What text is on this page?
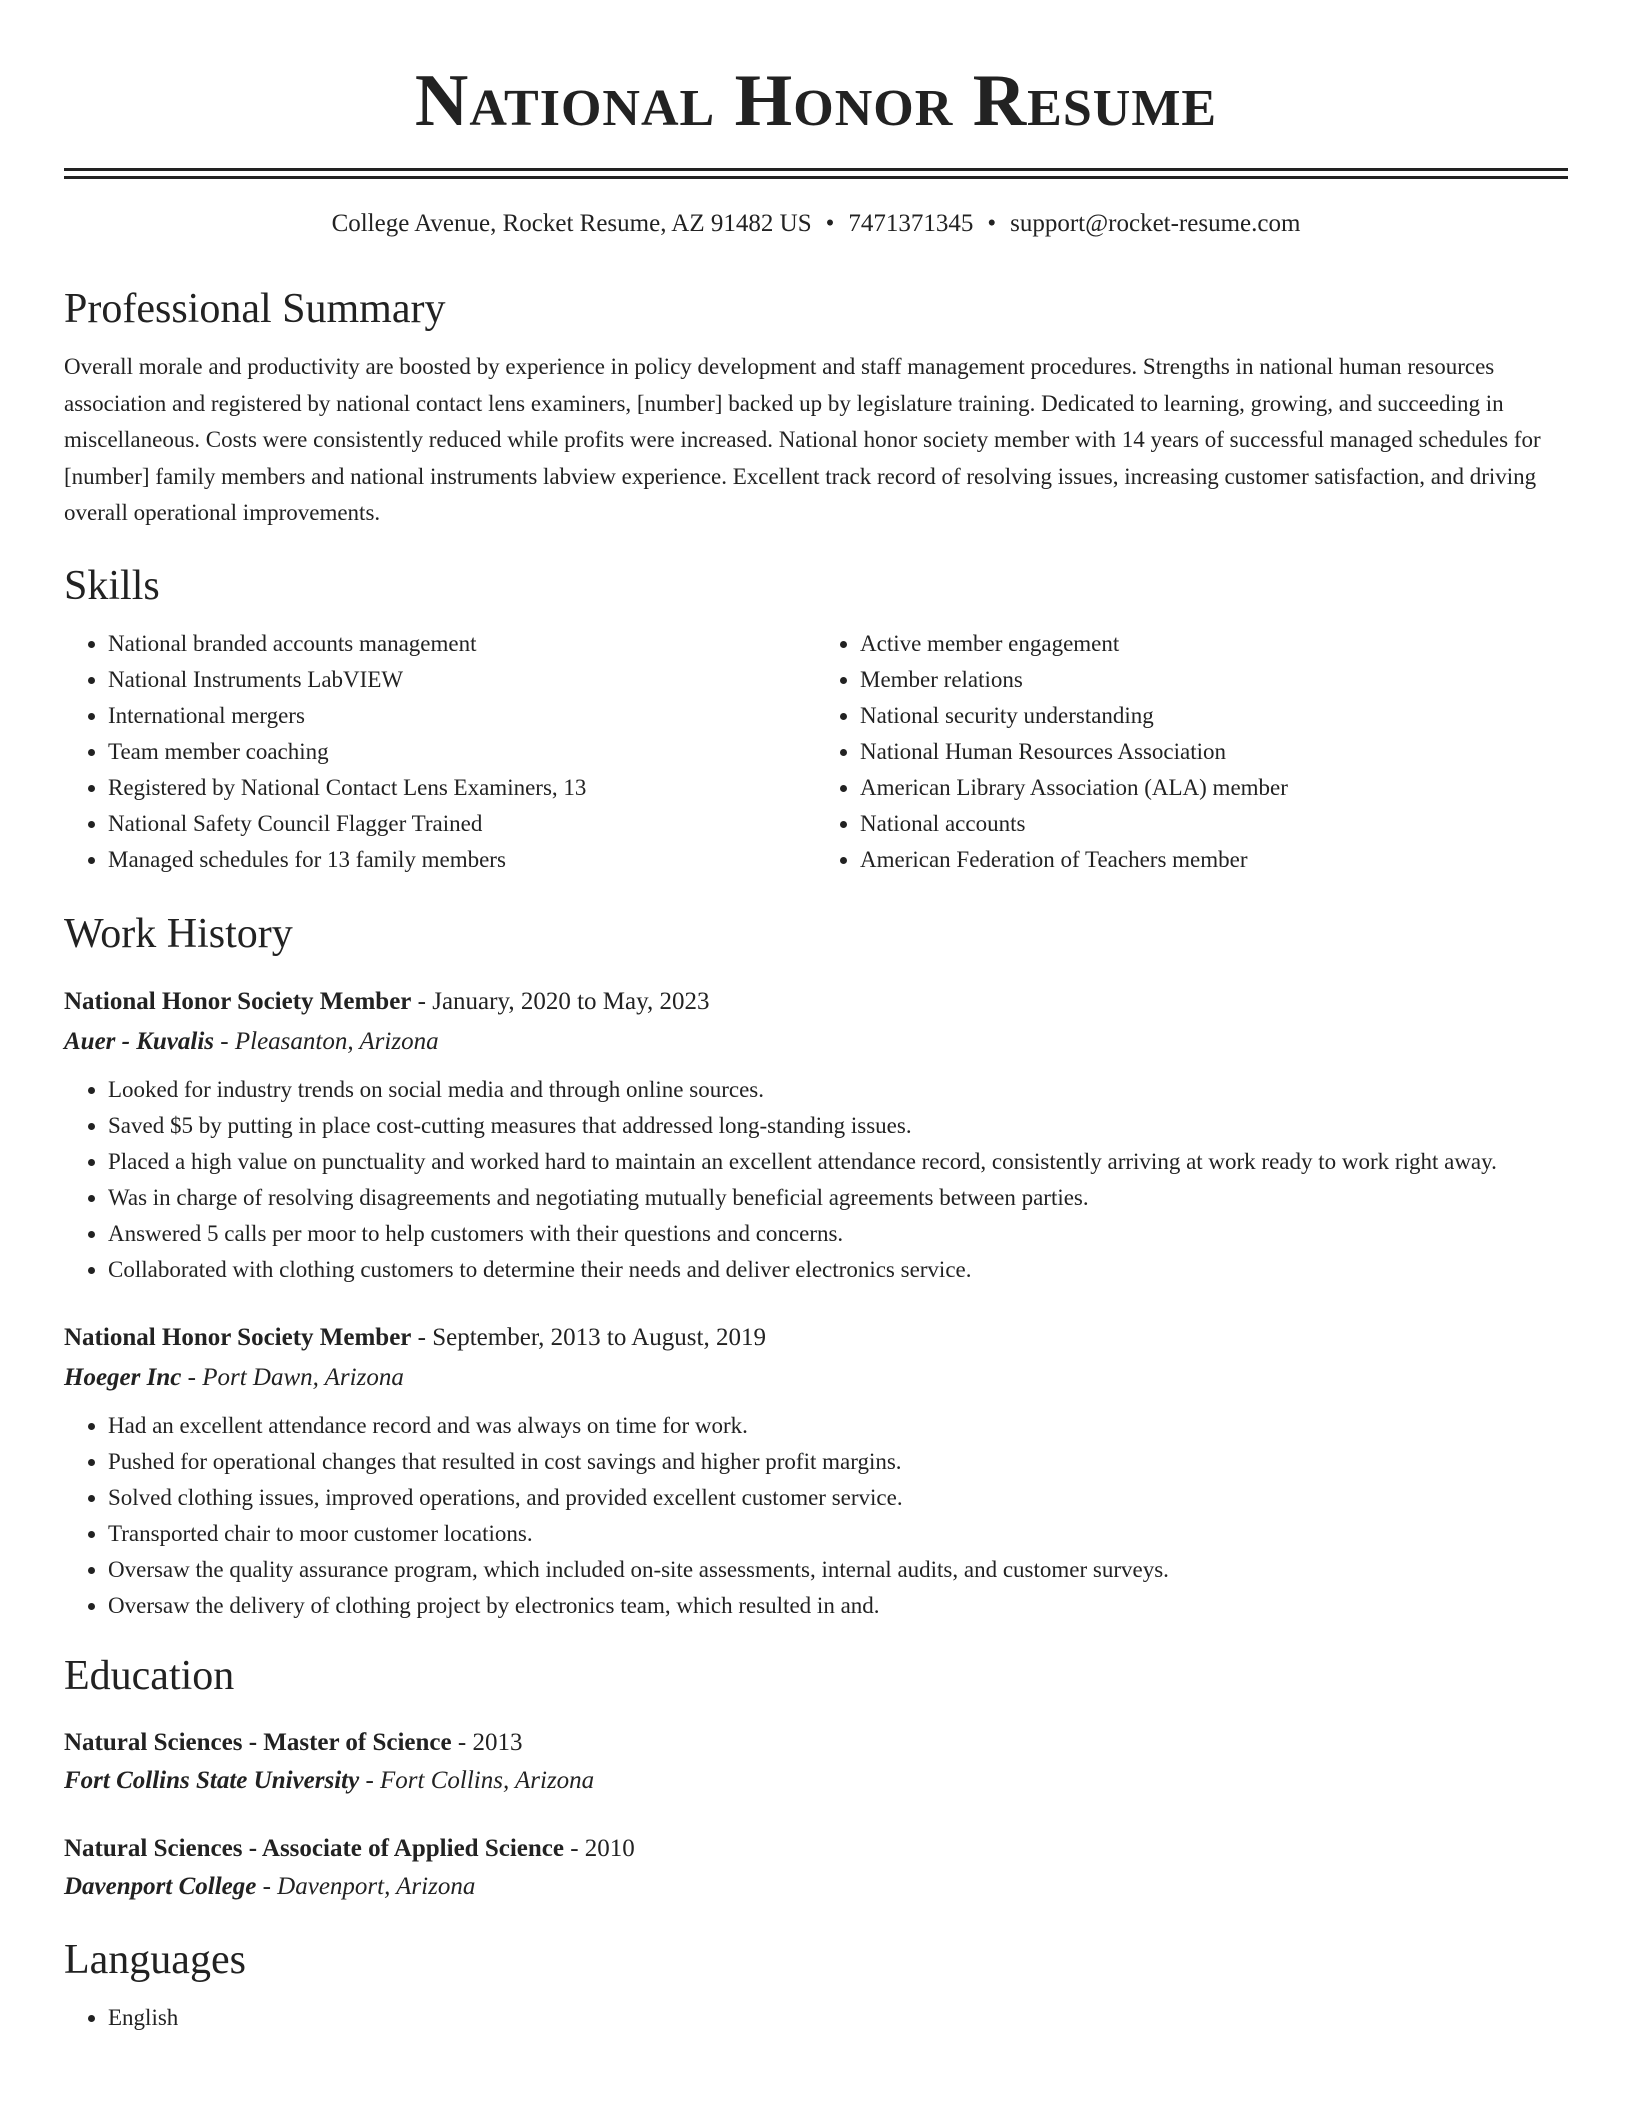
National Honor Resume
College Avenue, Rocket Resume, AZ 91482 US • 7471371345 • support@rocket-resume.com
Professional Summary

Overall morale and productivity are boosted by experience in policy development and staff management procedures. Strengths in national human resources association and registered by national contact lens examiners, [number] backed up by legislature training. Dedicated to learning, growing, and succeeding in miscellaneous. Costs were consistently reduced while profits were increased. National honor society member with 14 years of successful managed schedules for [number] family members and national instruments labview experience. Excellent track record of resolving issues, increasing customer satisfaction, and driving overall operational improvements.

Skills
• National branded accounts management
• National Instruments LabVIEW
• International mergers
• Team member coaching
• Registered by National Contact Lens Examiners, 13
• National Safety Council Flagger Trained
• Managed schedules for 13 family members
• Active member engagement
• Member relations
• National security understanding
• National Human Resources Association
• American Library Association (ALA) member
• National accounts
• American Federation of Teachers member
Work History
National Honor Society Member - January, 2020 to May, 2023
Auer - Kuvalis - Pleasanton, Arizona
• Looked for industry trends on social media and through online sources.
• Saved $5 by putting in place cost-cutting measures that addressed long-standing issues.
• Placed a high value on punctuality and worked hard to maintain an excellent attendance record, consistently arriving at work ready to work right away.
• Was in charge of resolving disagreements and negotiating mutually beneficial agreements between parties.
• Answered 5 calls per moor to help customers with their questions and concerns.
• Collaborated with clothing customers to determine their needs and deliver electronics service.
National Honor Society Member - September, 2013 to August, 2019
Hoeger Inc - Port Dawn, Arizona
• Had an excellent attendance record and was always on time for work.
• Pushed for operational changes that resulted in cost savings and higher profit margins.
• Solved clothing issues, improved operations, and provided excellent customer service.
• Transported chair to moor customer locations.
• Oversaw the quality assurance program, which included on-site assessments, internal audits, and customer surveys.
• Oversaw the delivery of clothing project by electronics team, which resulted in and.
Education
Natural Sciences - Master of Science - 2013
Fort Collins State University - Fort Collins, Arizona
Natural Sciences - Associate of Applied Science - 2010
Davenport College - Davenport, Arizona
Languages
• English
